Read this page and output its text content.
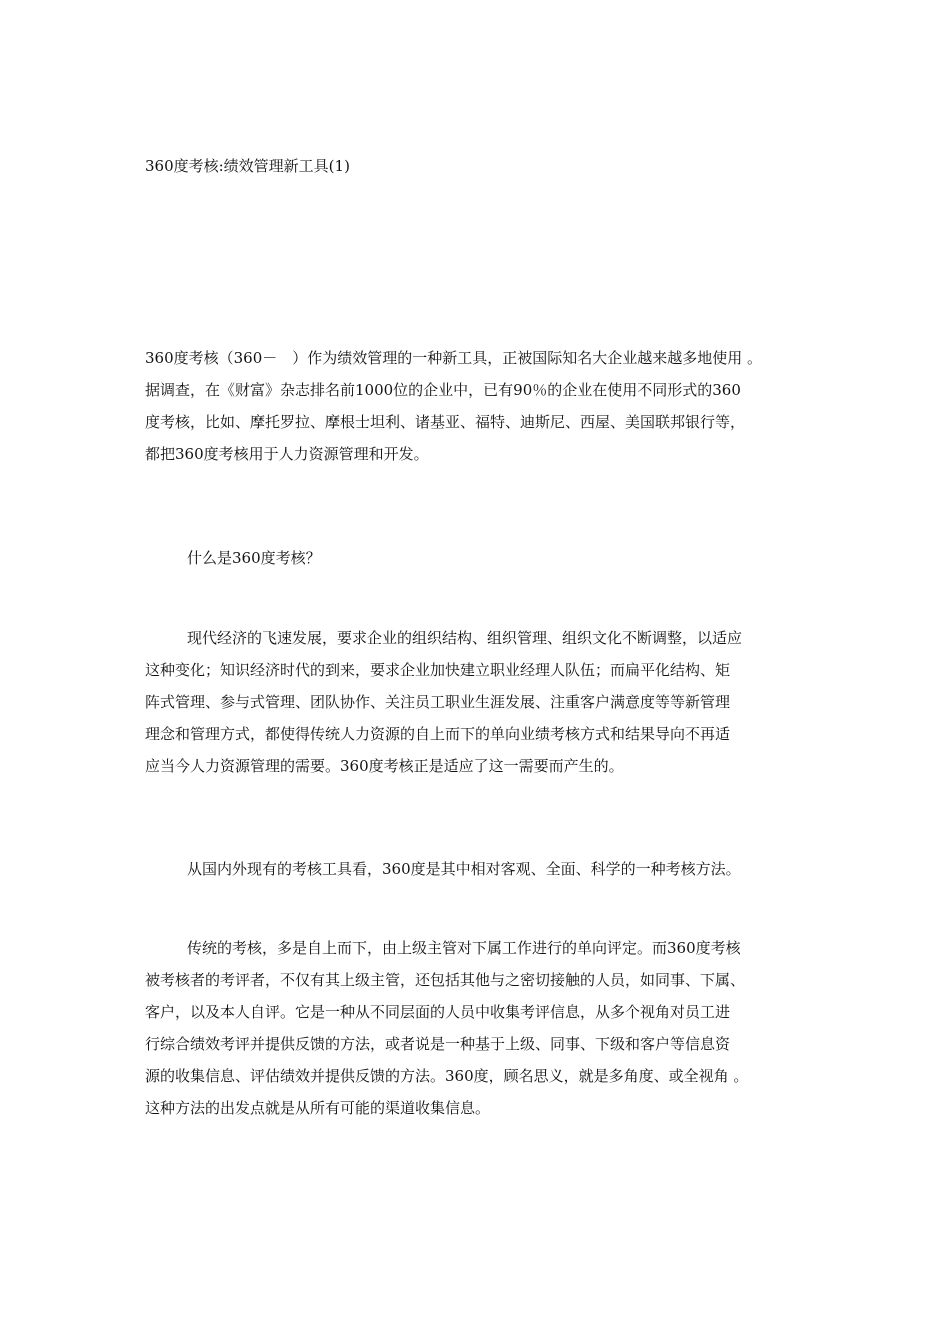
360度考核:绩效管理新工具(1)
360度考核（360－　）作为绩效管理的一种新工具，正被国际知名大企业越来越多地使用 。
据调查，在《财富》杂志排名前1000位的企业中，已有90％的企业在使用不同形式的360
度考核，比如、摩托罗拉、摩根士坦利、诸基亚、福特、迪斯尼、西屋、美国联邦银行等，
都把360度考核用于人力资源管理和开发。
什么是360度考核？
现代经济的飞速发展，要求企业的组织结构、组织管理、组织文化不断调整，以适应
这种变化；知识经济时代的到来，要求企业加快建立职业经理人队伍；而扁平化结构、矩
阵式管理、参与式管理、团队协作、关注员工职业生涯发展、注重客户满意度等等新管理
理念和管理方式，都使得传统人力资源的自上而下的单向业绩考核方式和结果导向不再适
应当今人力资源管理的需要。360度考核正是适应了这一需要而产生的。
从国内外现有的考核工具看，360度是其中相对客观、全面、科学的一种考核方法。
传统的考核，多是自上而下，由上级主管对下属工作进行的单向评定。而360度考核
被考核者的考评者，不仅有其上级主管，还包括其他与之密切接触的人员，如同事、下属、
客户，以及本人自评。它是一种从不同层面的人员中收集考评信息，从多个视角对员工进
行综合绩效考评并提供反馈的方法，或者说是一种基于上级、同事、下级和客户等信息资
源的收集信息、评估绩效并提供反馈的方法。360度，顾名思义，就是多角度、或全视角 。
这种方法的出发点就是从所有可能的渠道收集信息。
